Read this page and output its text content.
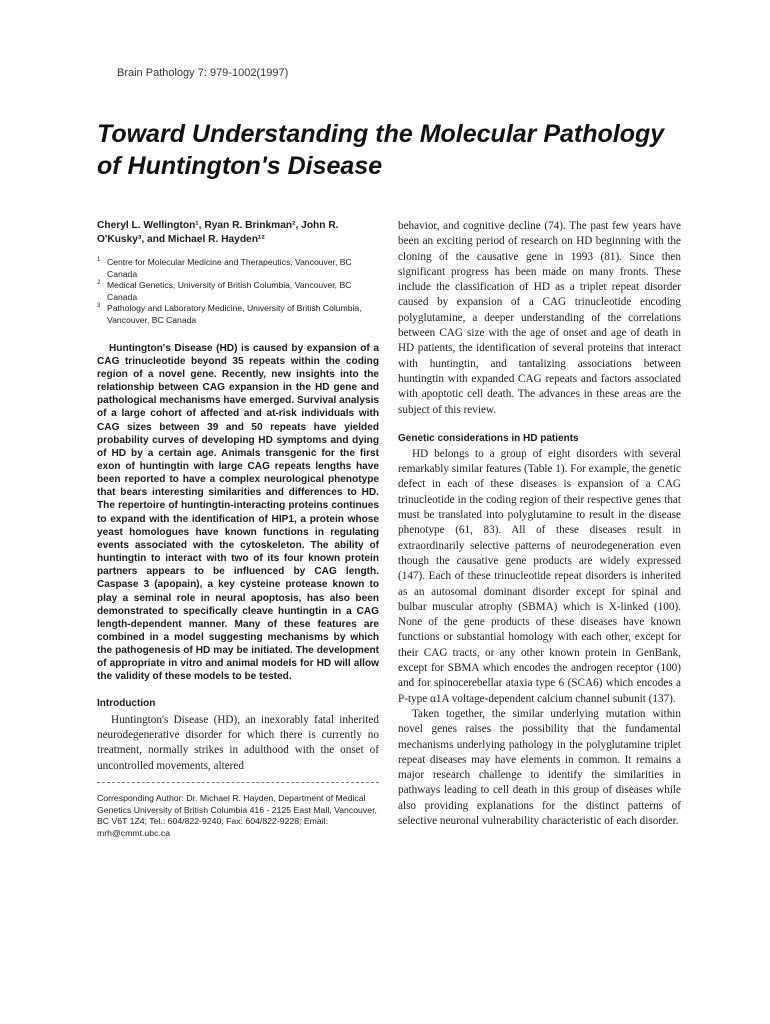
Brain Pathology 7: 979-1002(1997)
Toward Understanding the Molecular Pathology
of Huntington's Disease

Cheryl L. Wellington¹, Ryan R. Brinkman², John R. O'Kusky³, and Michael R. Hayden¹²

1 Centre for Molecular Medicine and Therapeutics, Vancouver, BC Canada
2 Medical Genetics, University of British Columbia, Vancouver, BC Canada
3 Pathology and Laboratory Medicine, University of British Columbia, Vancouver, BC Canada

Huntington's Disease (HD) is caused by expansion of a CAG trinucleotide beyond 35 repeats within the coding region of a novel gene. Recently, new insights into the relationship between CAG expansion in the HD gene and pathological mechanisms have emerged. Survival analysis of a large cohort of affected and at-risk individuals with CAG sizes between 39 and 50 repeats have yielded probability curves of developing HD symptoms and dying of HD by a certain age. Animals transgenic for the first exon of huntingtin with large CAG repeats lengths have been reported to have a complex neurological phenotype that bears interesting similarities and differences to HD. The repertoire of huntingtin-interacting proteins continues to expand with the identification of HIP1, a protein whose yeast homologues have known functions in regulating events associated with the cytoskeleton. The ability of huntingtin to interact with two of its four known protein partners appears to be influenced by CAG length. Caspase 3 (apopain), a key cysteine protease known to play a seminal role in neural apoptosis, has also been demonstrated to specifically cleave huntingtin in a CAG length-dependent manner. Many of these features are combined in a model suggesting mechanisms by which the pathogenesis of HD may be initiated. The development of appropriate in vitro and animal models for HD will allow the validity of these models to be tested.

Introduction

Huntington's Disease (HD), an inexorably fatal inherited neurodegenerative disorder for which there is currently no treatment, normally strikes in adulthood with the onset of uncontrolled movements, altered

Corresponding Author: Dr. Michael R. Hayden, Department of Medical Genetics University of British Columbia 416 - 2125 East Mall, Vancouver, BC V6T 1Z4; Tel.: 604/822-9240; Fax: 604/822-9228; Email: mrh@cmmt.ubc.ca

behavior, and cognitive decline (74). The past few years have been an exciting period of research on HD beginning with the cloning of the causative gene in 1993 (81). Since then significant progress has been made on many fronts. These include the classification of HD as a triplet repeat disorder caused by expansion of a CAG trinucleotide encoding polyglutamine, a deeper understanding of the correlations between CAG size with the age of onset and age of death in HD patients, the identification of several proteins that interact with huntingtin, and tantalizing associations between huntingtin with expanded CAG repeats and factors associated with apoptotic cell death. The advances in these areas are the subject of this review.

Genetic considerations in HD patients

HD belongs to a group of eight disorders with several remarkably similar features (Table 1). For example, the genetic defect in each of these diseases is expansion of a CAG trinucleotide in the coding region of their respective genes that must be translated into polyglutamine to result in the disease phenotype (61, 83). All of these diseases result in extraordinarily selective patterns of neurodegeneration even though the causative gene products are widely expressed (147). Each of these trinucleotide repeat disorders is inherited as an autosomal dominant disorder except for spinal and bulbar muscular atrophy (SBMA) which is X-linked (100). None of the gene products of these diseases have known functions or substantial homology with each other, except for their CAG tracts, or any other known protein in GenBank, except for SBMA which encodes the androgen receptor (100) and for spinocerebellar ataxia type 6 (SCA6) which encodes a P-type α1A voltage-dependent calcium channel subunit (137).

Taken together, the similar underlying mutation within novel genes raises the possibility that the fundamental mechanisms underlying pathology in the polyglutamine triplet repeat diseases may have elements in common. It remains a major research challenge to identify the similarities in pathways leading to cell death in this group of diseases while also providing explanations for the distinct patterns of selective neuronal vulnerability characteristic of each disorder.
